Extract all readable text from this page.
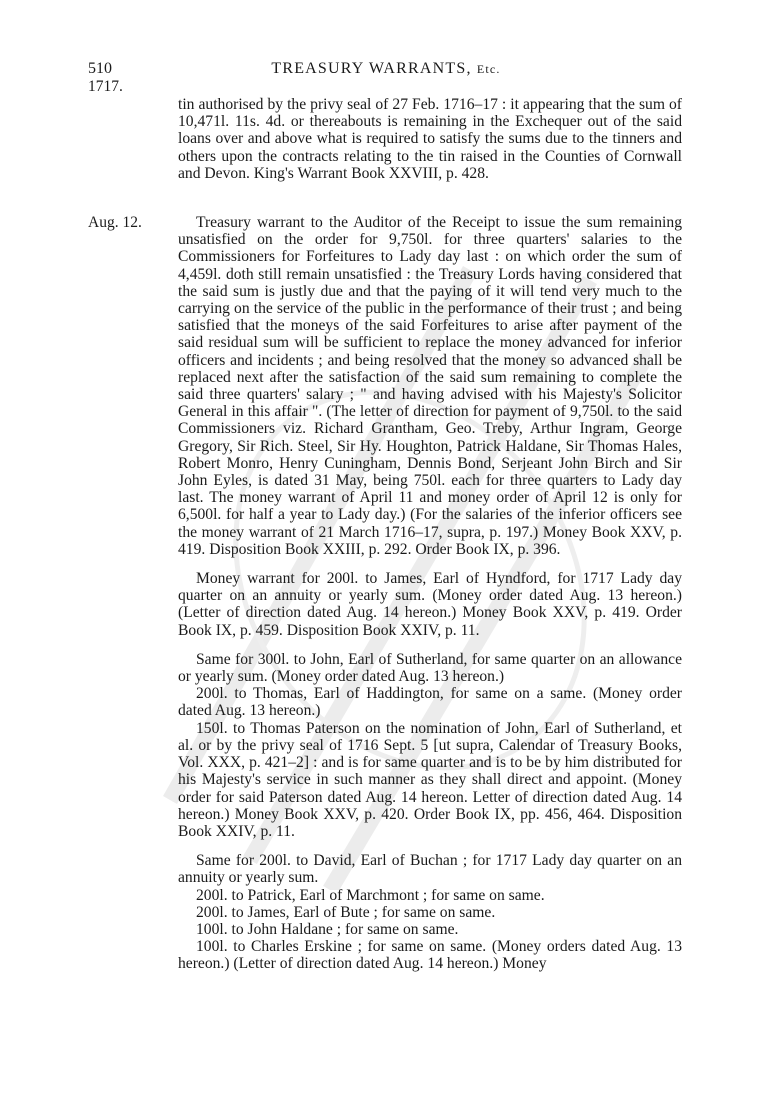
510	TREASURY WARRANTS, Etc.
1717.

tin authorised by the privy seal of 27 Feb. 1716–17 : it appearing that the sum of 10,471l. 11s. 4d. or thereabouts is remaining in the Exchequer out of the said loans over and above what is required to satisfy the sums due to the tinners and others upon the contracts relating to the tin raised in the Counties of Cornwall and Devon. King's Warrant Book XXVIII, p. 428.

Aug. 12.	Treasury warrant to the Auditor of the Receipt to issue the sum remaining unsatisfied on the order for 9,750l. for three quarters' salaries to the Commissioners for Forfeitures to Lady day last : on which order the sum of 4,459l. doth still remain unsatisfied : the Treasury Lords having considered that the said sum is justly due and that the paying of it will tend very much to the carrying on the service of the public in the performance of their trust ; and being satisfied that the moneys of the said Forfeitures to arise after payment of the said residual sum will be sufficient to replace the money advanced for inferior officers and incidents ; and being resolved that the money so advanced shall be replaced next after the satisfaction of the said sum remaining to complete the said three quarters' salary ; " and having advised with his Majesty's Solicitor General in this affair ". (The letter of direction for payment of 9,750l. to the said Commissioners viz. Richard Grantham, Geo. Treby, Arthur Ingram, George Gregory, Sir Rich. Steel, Sir Hy. Houghton, Patrick Haldane, Sir Thomas Hales, Robert Monro, Henry Cuningham, Dennis Bond, Serjeant John Birch and Sir John Eyles, is dated 31 May, being 750l. each for three quarters to Lady day last. The money warrant of April 11 and money order of April 12 is only for 6,500l. for half a year to Lady day.) (For the salaries of the inferior officers see the money warrant of 21 March 1716–17, supra, p. 197.) Money Book XXV, p. 419. Disposition Book XXIII, p. 292. Order Book IX, p. 396.

Money warrant for 200l. to James, Earl of Hyndford, for 1717 Lady day quarter on an annuity or yearly sum. (Money order dated Aug. 13 hereon.) (Letter of direction dated Aug. 14 hereon.) Money Book XXV, p. 419. Order Book IX, p. 459. Disposition Book XXIV, p. 11.

Same for 300l. to John, Earl of Sutherland, for same quarter on an allowance or yearly sum. (Money order dated Aug. 13 hereon.)

200l. to Thomas, Earl of Haddington, for same on a same. (Money order dated Aug. 13 hereon.)

150l. to Thomas Paterson on the nomination of John, Earl of Sutherland, et al. or by the privy seal of 1716 Sept. 5 [ut supra, Calendar of Treasury Books, Vol. XXX, p. 421–2] : and is for same quarter and is to be by him distributed for his Majesty's service in such manner as they shall direct and appoint. (Money order for said Paterson dated Aug. 14 hereon. Letter of direction dated Aug. 14 hereon.) Money Book XXV, p. 420. Order Book IX, pp. 456, 464. Disposition Book XXIV, p. 11.

Same for 200l. to David, Earl of Buchan ; for 1717 Lady day quarter on an annuity or yearly sum.

200l. to Patrick, Earl of Marchmont ; for same on same.

200l. to James, Earl of Bute ; for same on same.

100l. to John Haldane ; for same on same.

100l. to Charles Erskine ; for same on same. (Money orders dated Aug. 13 hereon.) (Letter of direction dated Aug. 14 hereon.) Money
